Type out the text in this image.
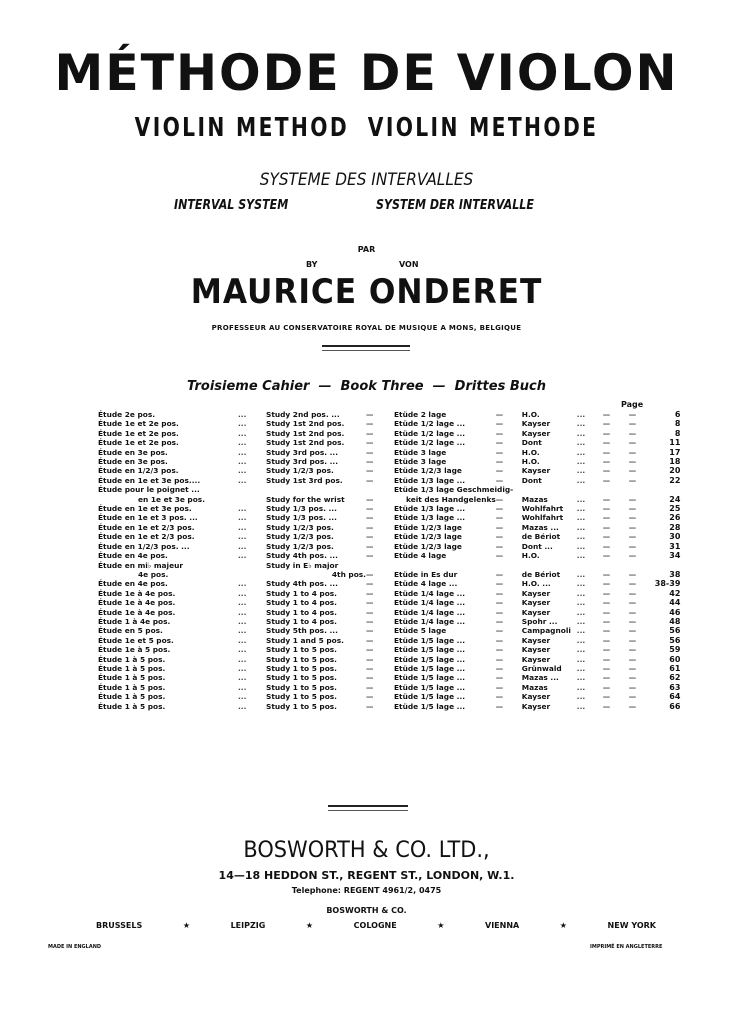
MÉTHODE DE VIOLON
VIOLIN METHOD  VIOLIN METHODE
SYSTEME DES INTERVALLES
INTERVAL SYSTEM	SYSTEM DER INTERVALLE
PAR
BY	VON
MAURICE ONDERET
PROFESSEUR AU CONSERVATOIRE ROYAL DE MUSIQUE A MONS, BELGIQUE
Troisieme Cahier — Book Three — Drittes Buch
Page
Étude 2e pos.	...	Study 2nd pos. ...	—	Etüde 2 lage	—	H.O.	...	—	—	6
Étude 1e et 2e pos.	...	Study 1st 2nd pos.	—	Etüde 1/2 lage ...	—	Kayser	...	—	—	8
Étude 1e et 2e pos.	...	Study 1st 2nd pos.	—	Etüde 1/2 lage ...	—	Kayser	...	—	—	8
Étude 1e et 2e pos.	...	Study 1st 2nd pos.	—	Etüde 1/2 lage ...	—	Dont	...	—	—	11
Étude en 3e pos.	...	Study 3rd pos. ...	—	Etüde 3 lage	—	H.O.	...	—	—	17
Étude en 3e pos.	...	Study 3rd pos. ...	—	Etüde 3 lage	—	H.O.	...	—	—	18
Étude en 1/2/3 pos.	...	Study 1/2/3 pos.	—	Etüde 1/2/3 lage	—	Kayser	...	—	—	20
Étude en 1e et 3e pos....	...	Study 1st 3rd pos.	—	Etüde 1/3 lage ...	—	Dont	...	—	—	22
Étude pour le poignet ...				Etüde 1/3 lage Geschmeidig-						
en 1e et 3e pos.		Study for the wrist	—	keit des Handgelenks	—	Mazas	...	—	—	24
Étude en 1e et 3e pos.	...	Study 1/3 pos. ...	—	Etüde 1/3 lage ...	—	Wohlfahrt	...	—	—	25
Étude en 1e et 3 pos. ...	...	Study 1/3 pos. ...	—	Etüde 1/3 lage ...	—	Wohlfahrt	...	—	—	26
Étude en 1e et 2/3 pos.	...	Study 1/2/3 pos.	—	Etüde 1/2/3 lage	—	Mazas ...	...	—	—	28
Étude en 1e et 2/3 pos.	...	Study 1/2/3 pos.	—	Etüde 1/2/3 lage	—	de Bériot	...	—	—	30
Étude en 1/2/3 pos. ...	...	Study 1/2/3 pos.	—	Etüde 1/2/3 lage	—	Dont ...	...	—	—	31
Étude en 4e pos.	...	Study 4th pos. ...	—	Etüde 4 lage	—	H.O.	...	—	—	34
Étude en mi♭ majeur		Study in E♭ major								
4e pos.		4th pos.	—	Etüde in Es dur	—	de Bériot	...	—	—	38
Étude en 4e pos.	...	Study 4th pos. ...	—	Etüde 4 lage ...	—	H.O. ...	...	—	—	38-39
Étude 1e à 4e pos.	...	Study 1 to 4 pos.	—	Etüde 1/4 lage ...	—	Kayser	...	—	—	42
Étude 1e à 4e pos.	...	Study 1 to 4 pos.	—	Etüde 1/4 lage ...	—	Kayser	...	—	—	44
Étude 1e à 4e pos.	...	Study 1 to 4 pos.	—	Etüde 1/4 lage ...	—	Kayser	...	—	—	46
Étude 1 à 4e pos.	...	Study 1 to 4 pos.	—	Etüde 1/4 lage ...	—	Spohr ...	...	—	—	48
Étude en 5 pos.	...	Study 5th pos. ...	—	Etüde 5 lage	—	Campagnoli	...	—	—	56
Étude 1e et 5 pos.	...	Study 1 and 5 pos.	—	Etüde 1/5 lage ...	—	Kayser	...	—	—	56
Étude 1e à 5 pos.	...	Study 1 to 5 pos.	—	Etüde 1/5 lage ...	—	Kayser	...	—	—	59
Étude 1 à 5 pos.	...	Study 1 to 5 pos.	—	Etüde 1/5 lage ...	—	Kayser	...	—	—	60
Étude 1 à 5 pos.	...	Study 1 to 5 pos.	—	Etüde 1/5 lage ...	—	Grünwald	...	—	—	61
Étude 1 à 5 pos.	...	Study 1 to 5 pos.	—	Etüde 1/5 lage ...	—	Mazas ...	...	—	—	62
Étude 1 à 5 pos.	...	Study 1 to 5 pos.	—	Etüde 1/5 lage ...	—	Mazas	...	—	—	63
Étude 1 à 5 pos.	...	Study 1 to 5 pos.	—	Etüde 1/5 lage ...	—	Kayser	...	—	—	64
Étude 1 à 5 pos.	...	Study 1 to 5 pos.	—	Etüde 1/5 lage ...	—	Kayser	...	—	—	66
BOSWORTH & CO. LTD.,
14—18 HEDDON ST., REGENT ST., LONDON, W.1.
Telephone: REGENT 4961/2, 0475
BOSWORTH & CO.
BRUSSELS	★	LEIPZIG	★	COLOGNE	★	VIENNA	★	NEW YORK
MADE IN ENGLAND	IMPRIMÉ EN ANGLETERRE
